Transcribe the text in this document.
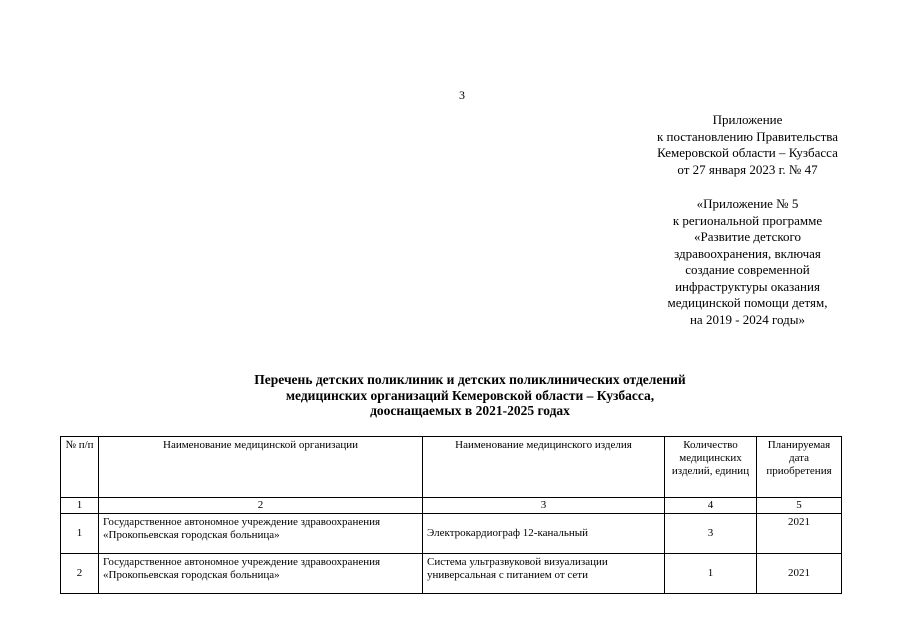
3
Приложение
к постановлению Правительства
Кемеровской области – Кузбасса
от 27 января 2023 г. № 47
«Приложение № 5
к региональной программе
«Развитие детского
здравоохранения, включая
создание современной
инфраструктуры оказания
медицинской помощи детям,
на 2019 - 2024 годы»
Перечень детских поликлиник и детских поликлинических отделений
медицинских организаций Кемеровской области – Кузбасса,
дооснащаемых в 2021-2025 годах
№ п/п	Наименование медицинской организации	Наименование медицинского изделия	Количество медицинских изделий, единиц	Планируемая дата приобретения
1	2	3	4	5
1	Государственное автономное учреждение здравоохранения «Прокопьевская городская больница»	Электрокардиограф 12-канальный	3	2021
2	Государственное автономное учреждение здравоохранения «Прокопьевская городская больница»	Система ультразвуковой визуализации универсальная с питанием от сети	1	2021
